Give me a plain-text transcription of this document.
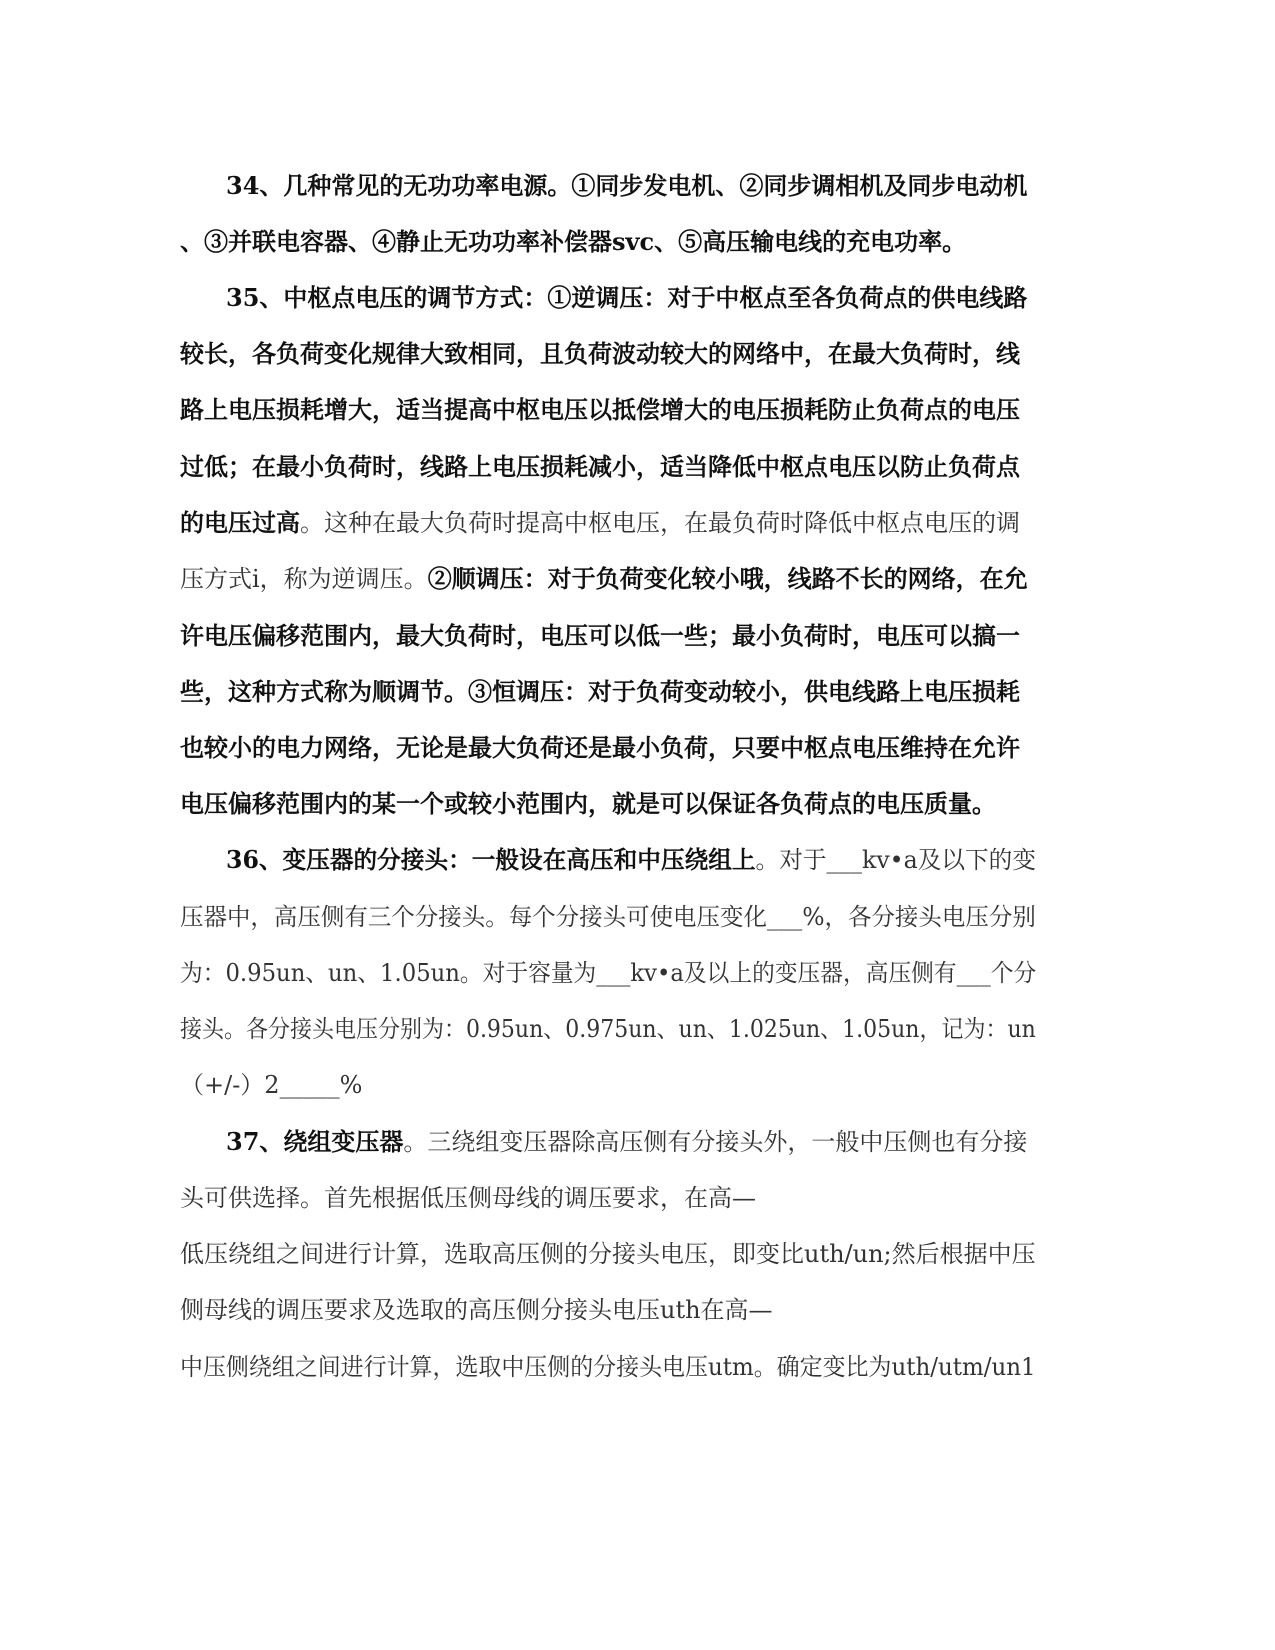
34、几种常见的无功功率电源。①同步发电机、②同步调相机及同步电动机
、③并联电容器、④静止无功功率补偿器svc、⑤高压输电线的充电功率。
35、中枢点电压的调节方式：①逆调压：对于中枢点至各负荷点的供电线路
较长，各负荷变化规律大致相同，且负荷波动较大的网络中，在最大负荷时，线
路上电压损耗增大，适当提高中枢电压以抵偿增大的电压损耗防止负荷点的电压
过低；在最小负荷时，线路上电压损耗减小，适当降低中枢点电压以防止负荷点
的电压过高。这种在最大负荷时提高中枢电压，在最负荷时降低中枢点电压的调
压方式i，称为逆调压。②顺调压：对于负荷变化较小哦，线路不长的网络，在允
许电压偏移范围内，最大负荷时，电压可以低一些；最小负荷时，电压可以搞一
些，这种方式称为顺调节。③恒调压：对于负荷变动较小，供电线路上电压损耗
也较小的电力网络，无论是最大负荷还是最小负荷，只要中枢点电压维持在允许
电压偏移范围内的某一个或较小范围内，就是可以保证各负荷点的电压质量。
36、变压器的分接头：一般设在高压和中压绕组上。对于___kv•a及以下的变
压器中，高压侧有三个分接头。每个分接头可使电压变化___%，各分接头电压分别
为：0.95un、un、1.05un。对于容量为___kv•a及以上的变压器，高压侧有___个分
接头。各分接头电压分别为：0.95un、0.975un、un、1.025un、1.05un，记为：un
（+/-）2_____%
37、绕组变压器。三绕组变压器除高压侧有分接头外，一般中压侧也有分接
头可供选择。首先根据低压侧母线的调压要求，在高—
低压绕组之间进行计算，选取高压侧的分接头电压，即变比uth/un;然后根据中压
侧母线的调压要求及选取的高压侧分接头电压uth在高—
中压侧绕组之间进行计算，选取中压侧的分接头电压utm。确定变比为uth/utm/un1
